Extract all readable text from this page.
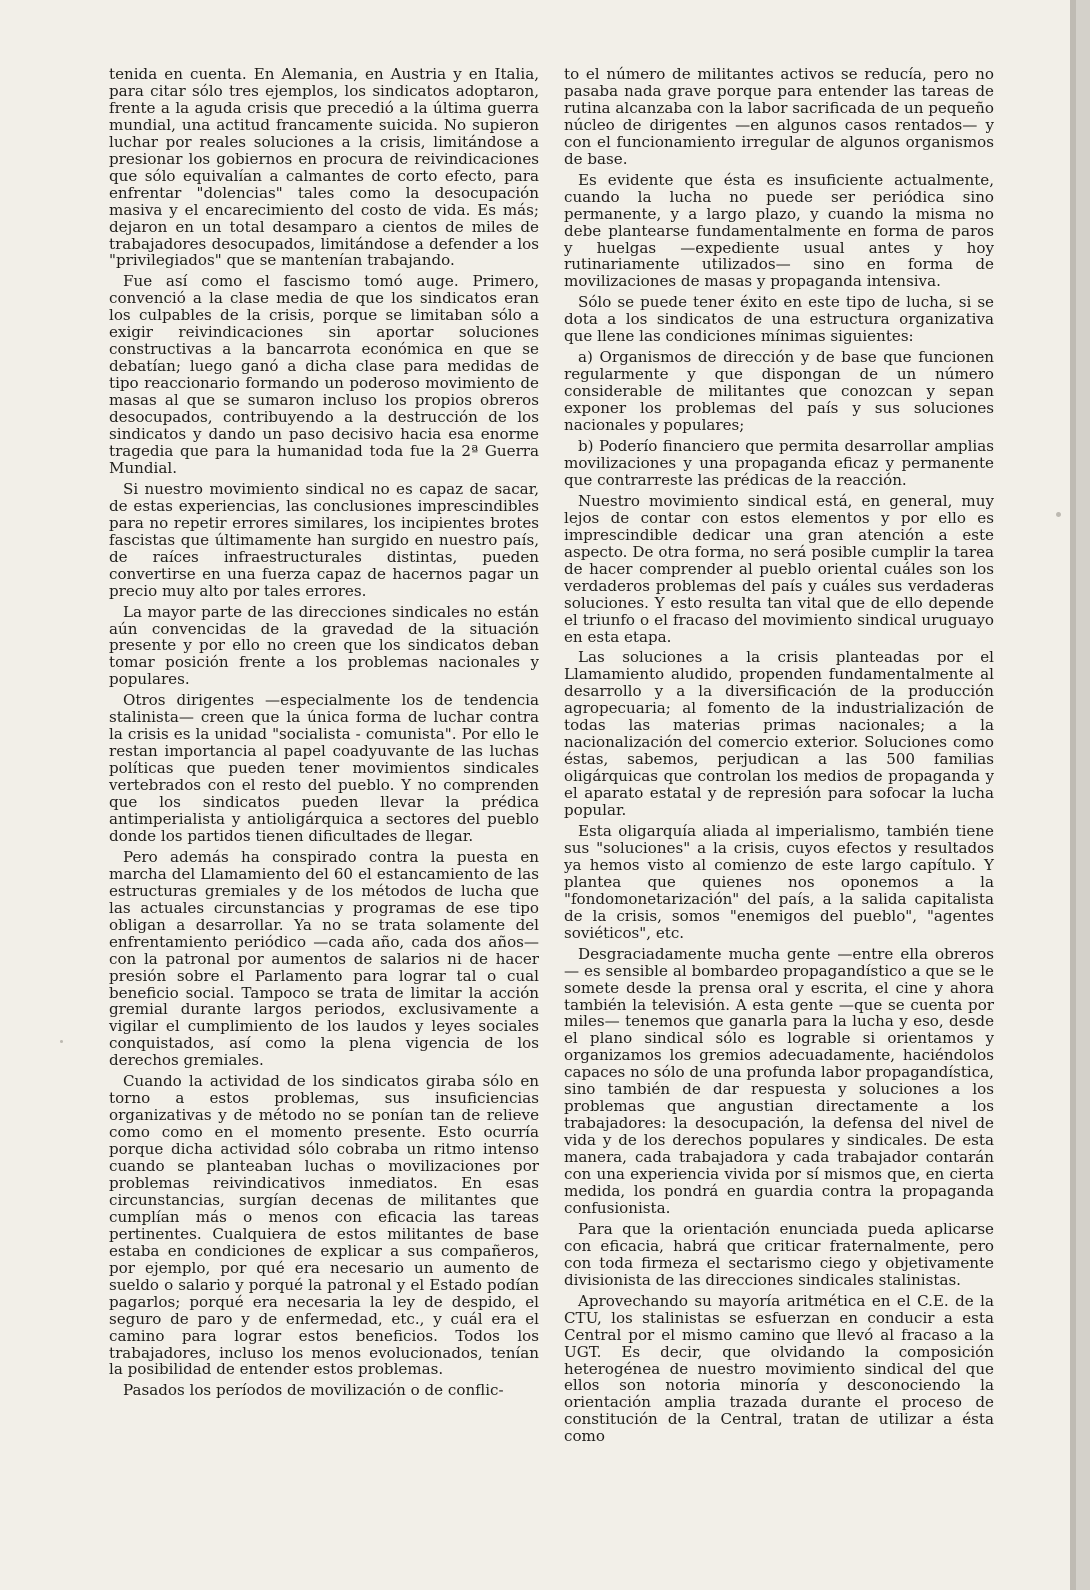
tenida en cuenta. En Alemania, en Austria y en Italia, para citar sólo tres ejemplos, los sindicatos adoptaron, frente a la aguda crisis que precedió a la última guerra mundial, una actitud francamente suicida. No supieron luchar por reales soluciones a la crisis, limitándose a presionar los gobiernos en procura de reivindicaciones que sólo equivalían a calmantes de corto efecto, para enfrentar "dolencias" tales como la desocupación masiva y el encarecimiento del costo de vida. Es más; dejaron en un total desamparo a cientos de miles de trabajadores desocupados, limitándose a defender a los "privilegiados" que se mantenían trabajando.

Fue así como el fascismo tomó auge. Primero, convenció a la clase media de que los sindicatos eran los culpables de la crisis, porque se limitaban sólo a exigir reivindicaciones sin aportar soluciones constructivas a la bancarrota económica en que se debatían; luego ganó a dicha clase para medidas de tipo reaccionario formando un poderoso movimiento de masas al que se sumaron incluso los propios obreros desocupados, contribuyendo a la destrucción de los sindicatos y dando un paso decisivo hacia esa enorme tragedia que para la humanidad toda fue la 2ª Guerra Mundial.

Si nuestro movimiento sindical no es capaz de sacar, de estas experiencias, las conclusiones imprescindibles para no repetir errores similares, los incipientes brotes fascistas que últimamente han surgido en nuestro país, de raíces infraestructurales distintas, pueden convertirse en una fuerza capaz de hacernos pagar un precio muy alto por tales errores.

La mayor parte de las direcciones sindicales no están aún convencidas de la gravedad de la situación presente y por ello no creen que los sindicatos deban tomar posición frente a los problemas nacionales y populares.

Otros dirigentes —especialmente los de tendencia stalinista— creen que la única forma de luchar contra la crisis es la unidad "socialista - comunista". Por ello le restan importancia al papel coadyuvante de las luchas políticas que pueden tener movimientos sindicales vertebrados con el resto del pueblo. Y no comprenden que los sindicatos pueden llevar la prédica antimperialista y antioligárquica a sectores del pueblo donde los partidos tienen dificultades de llegar.

Pero además ha conspirado contra la puesta en marcha del Llamamiento del 60 el estancamiento de las estructuras gremiales y de los métodos de lucha que las actuales circunstancias y programas de ese tipo obligan a desarrollar. Ya no se trata solamente del enfrentamiento periódico —cada año, cada dos años— con la patronal por aumentos de salarios ni de hacer presión sobre el Parlamento para lograr tal o cual beneficio social. Tampoco se trata de limitar la acción gremial durante largos periodos, exclusivamente a vigilar el cumplimiento de los laudos y leyes sociales conquistados, así como la plena vigencia de los derechos gremiales.

Cuando la actividad de los sindicatos giraba sólo en torno a estos problemas, sus insuficiencias organizativas y de método no se ponían tan de relieve como como en el momento presente. Esto ocurría porque dicha actividad sólo cobraba un ritmo intenso cuando se planteaban luchas o movilizaciones por problemas reivindicativos inmediatos. En esas circunstancias, surgían decenas de militantes que cumplían más o menos con eficacia las tareas pertinentes. Cualquiera de estos militantes de base estaba en condiciones de explicar a sus compañeros, por ejemplo, por qué era necesario un aumento de sueldo o salario y porqué la patronal y el Estado podían pagarlos; porqué era necesaria la ley de despido, el seguro de paro y de enfermedad, etc., y cuál era el camino para lograr estos beneficios. Todos los trabajadores, incluso los menos evolucionados, tenían la posibilidad de entender estos problemas.

Pasados los períodos de movilización o de conflic-

to el número de militantes activos se reducía, pero no pasaba nada grave porque para entender las tareas de rutina alcanzaba con la labor sacrificada de un pequeño núcleo de dirigentes —en algunos casos rentados— y con el funcionamiento irregular de algunos organismos de base.

Es evidente que ésta es insuficiente actualmente, cuando la lucha no puede ser periódica sino permanente, y a largo plazo, y cuando la misma no debe plantearse fundamentalmente en forma de paros y huelgas —expediente usual antes y hoy rutinariamente utilizados— sino en forma de movilizaciones de masas y propaganda intensiva.

Sólo se puede tener éxito en este tipo de lucha, si se dota a los sindicatos de una estructura organizativa que llene las condiciones mínimas siguientes:

a) Organismos de dirección y de base que funcionen regularmente y que dispongan de un número considerable de militantes que conozcan y sepan exponer los problemas del país y sus soluciones nacionales y populares;

b) Poderío financiero que permita desarrollar amplias movilizaciones y una propaganda eficaz y permanente que contrarreste las prédicas de la reacción.

Nuestro movimiento sindical está, en general, muy lejos de contar con estos elementos y por ello es imprescindible dedicar una gran atención a este aspecto. De otra forma, no será posible cumplir la tarea de hacer comprender al pueblo oriental cuáles son los verdaderos problemas del país y cuáles sus verdaderas soluciones. Y esto resulta tan vital que de ello depende el triunfo o el fracaso del movimiento sindical uruguayo en esta etapa.

Las soluciones a la crisis planteadas por el Llamamiento aludido, propenden fundamentalmente al desarrollo y a la diversificación de la producción agropecuaria; al fomento de la industrialización de todas las materias primas nacionales; a la nacionalización del comercio exterior. Soluciones como éstas, sabemos, perjudican a las 500 familias oligárquicas que controlan los medios de propaganda y el aparato estatal y de represión para sofocar la lucha popular.

Esta oligarquía aliada al imperialismo, también tiene sus "soluciones" a la crisis, cuyos efectos y resultados ya hemos visto al comienzo de este largo capítulo. Y plantea que quienes nos oponemos a la "fondomonetarización" del país, a la salida capitalista de la crisis, somos "enemigos del pueblo", "agentes soviéticos", etc.

Desgraciadamente mucha gente —entre ella obreros— es sensible al bombardeo propagandístico a que se le somete desde la prensa oral y escrita, el cine y ahora también la televisión. A esta gente —que se cuenta por miles— tenemos que ganarla para la lucha y eso, desde el plano sindical sólo es lograble si orientamos y organizamos los gremios adecuadamente, haciéndolos capaces no sólo de una profunda labor propagandística, sino también de dar respuesta y soluciones a los problemas que angustian directamente a los trabajadores: la desocupación, la defensa del nivel de vida y de los derechos populares y sindicales. De esta manera, cada trabajadora y cada trabajador contarán con una experiencia vivida por sí mismos que, en cierta medida, los pondrá en guardia contra la propaganda confusionista.

Para que la orientación enunciada pueda aplicarse con eficacia, habrá que criticar fraternalmente, pero con toda firmeza el sectarismo ciego y objetivamente divisionista de las direcciones sindicales stalinistas.

Aprovechando su mayoría aritmética en el C.E. de la CTU, los stalinistas se esfuerzan en conducir a esta Central por el mismo camino que llevó al fracaso a la UGT. Es decir, que olvidando la composición heterogénea de nuestro movimiento sindical del que ellos son notoria minoría y desconociendo la orientación amplia trazada durante el proceso de constitución de la Central, tratan de utilizar a ésta como
